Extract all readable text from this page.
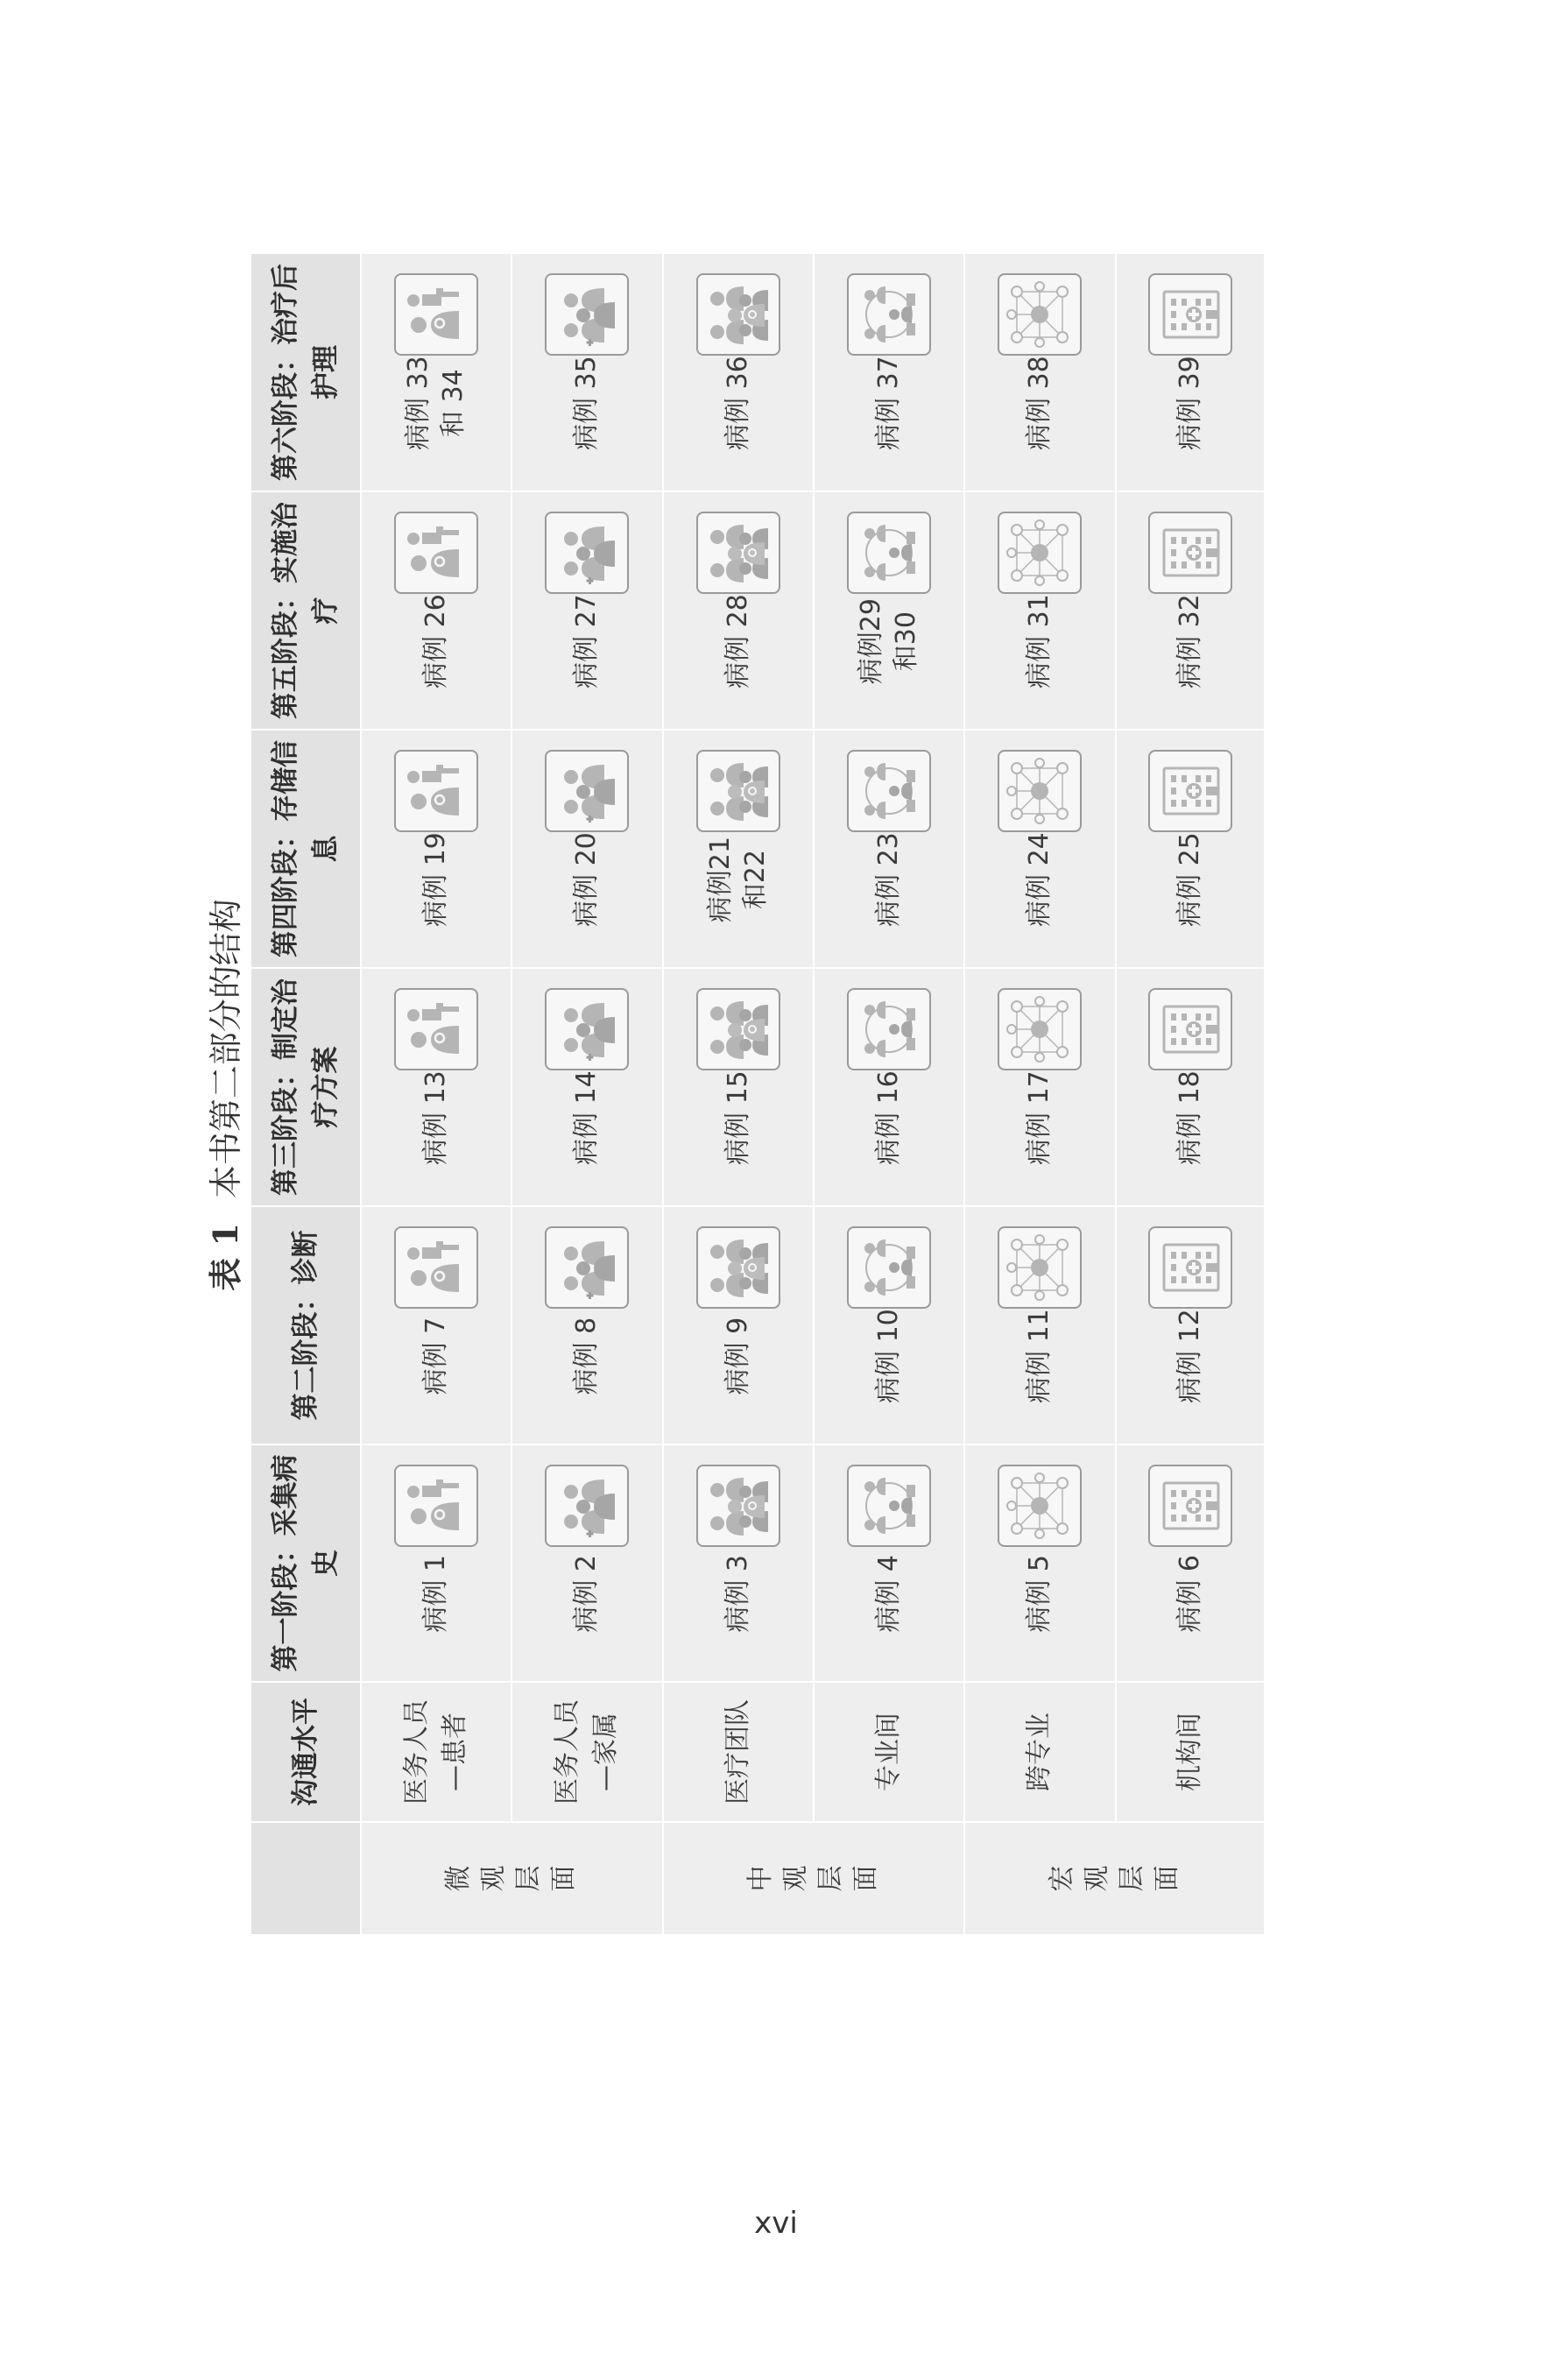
表 1本书第二部分的结构
	沟通水平	第一阶段：采集病史	第二阶段：诊断	第三阶段：制定治疗方案	第四阶段：存储信息	第五阶段：实施治疗	第六阶段：治疗后护理
微观层面	医务人员—患者	病例 1	病例 7	病例 13	病例 19	病例 26	病例 33和 34

	医务人员—家属	病例 2	病例 8	病例 14	病例 20	病例 27	病例 35

中观层面	医疗团队	病例 3	病例 9	病例 15	病例21和22	病例 28	病例 36

	专业间	病例 4	病例 10	病例 16	病例 23	病例29和30	病例 37

宏观层面	跨专业	病例 5	病例 11	病例 17	病例 24	病例 31	病例 38

	机构间	病例 6	病例 12	病例 18	病例 25	病例 32	病例 39
xvi
